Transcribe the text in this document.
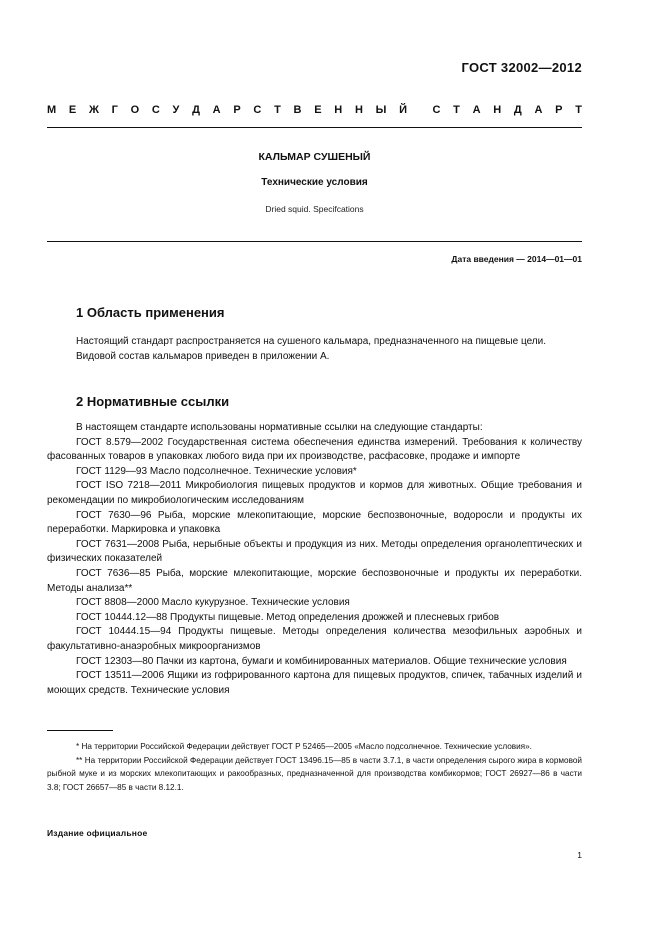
ГОСТ 32002—2012
М Е Ж Г О С У Д А Р С Т В Е Н Н Ы Й С Т А Н Д А Р Т
КАЛЬМАР СУШЕНЫЙ
Технические условия
Dried squid. Specifcations
Дата введения — 2014—01—01
1 Область применения
Настоящий стандарт распространяется на сушеного кальмара, предназначенного на пищевые цели.
Видовой состав кальмаров приведен в приложении А.
2 Нормативные ссылки

В настоящем стандарте использованы нормативные ссылки на следующие стандарты:

ГОСТ 8.579—2002 Государственная система обеспечения единства измерений. Требования к количеству фасованных товаров в упаковках любого вида при их производстве, расфасовке, продаже и импорте

ГОСТ 1129—93 Масло подсолнечное. Технические условия*

ГОСТ ISO 7218—2011 Микробиология пищевых продуктов и кормов для животных. Общие требования и рекомендации по микробиологическим исследованиям

ГОСТ 7630—96 Рыба, морские млекопитающие, морские беспозвоночные, водоросли и продукты их переработки. Маркировка и упаковка

ГОСТ 7631—2008 Рыба, нерыбные объекты и продукция из них. Методы определения органолептических и физических показателей

ГОСТ 7636—85 Рыба, морские млекопитающие, морские беспозвоночные и продукты их переработки. Методы анализа**

ГОСТ 8808—2000 Масло кукурузное. Технические условия

ГОСТ 10444.12—88 Продукты пищевые. Метод определения дрожжей и плесневых грибов

ГОСТ 10444.15—94 Продукты пищевые. Методы определения количества мезофильных аэробных и факультативно-анаэробных микроорганизмов

ГОСТ 12303—80 Пачки из картона, бумаги и комбинированных материалов. Общие технические условия

ГОСТ 13511—2006 Ящики из гофрированного картона для пищевых продуктов, спичек, табачных изделий и моющих средств. Технические условия

* На территории Российской Федерации действует ГОСТ Р 52465—2005 «Масло подсолнечное. Технические условия».
** На территории Российской Федерации действует ГОСТ 13496.15—85 в части 3.7.1, в части определения сырого жира в кормовой рыбной муке и из морских млекопитающих и ракообразных, предназначенной для производства комбикормов; ГОСТ 26927—86 в части 3.8; ГОСТ 26657—85 в части 8.12.1.
Издание официальное
1
